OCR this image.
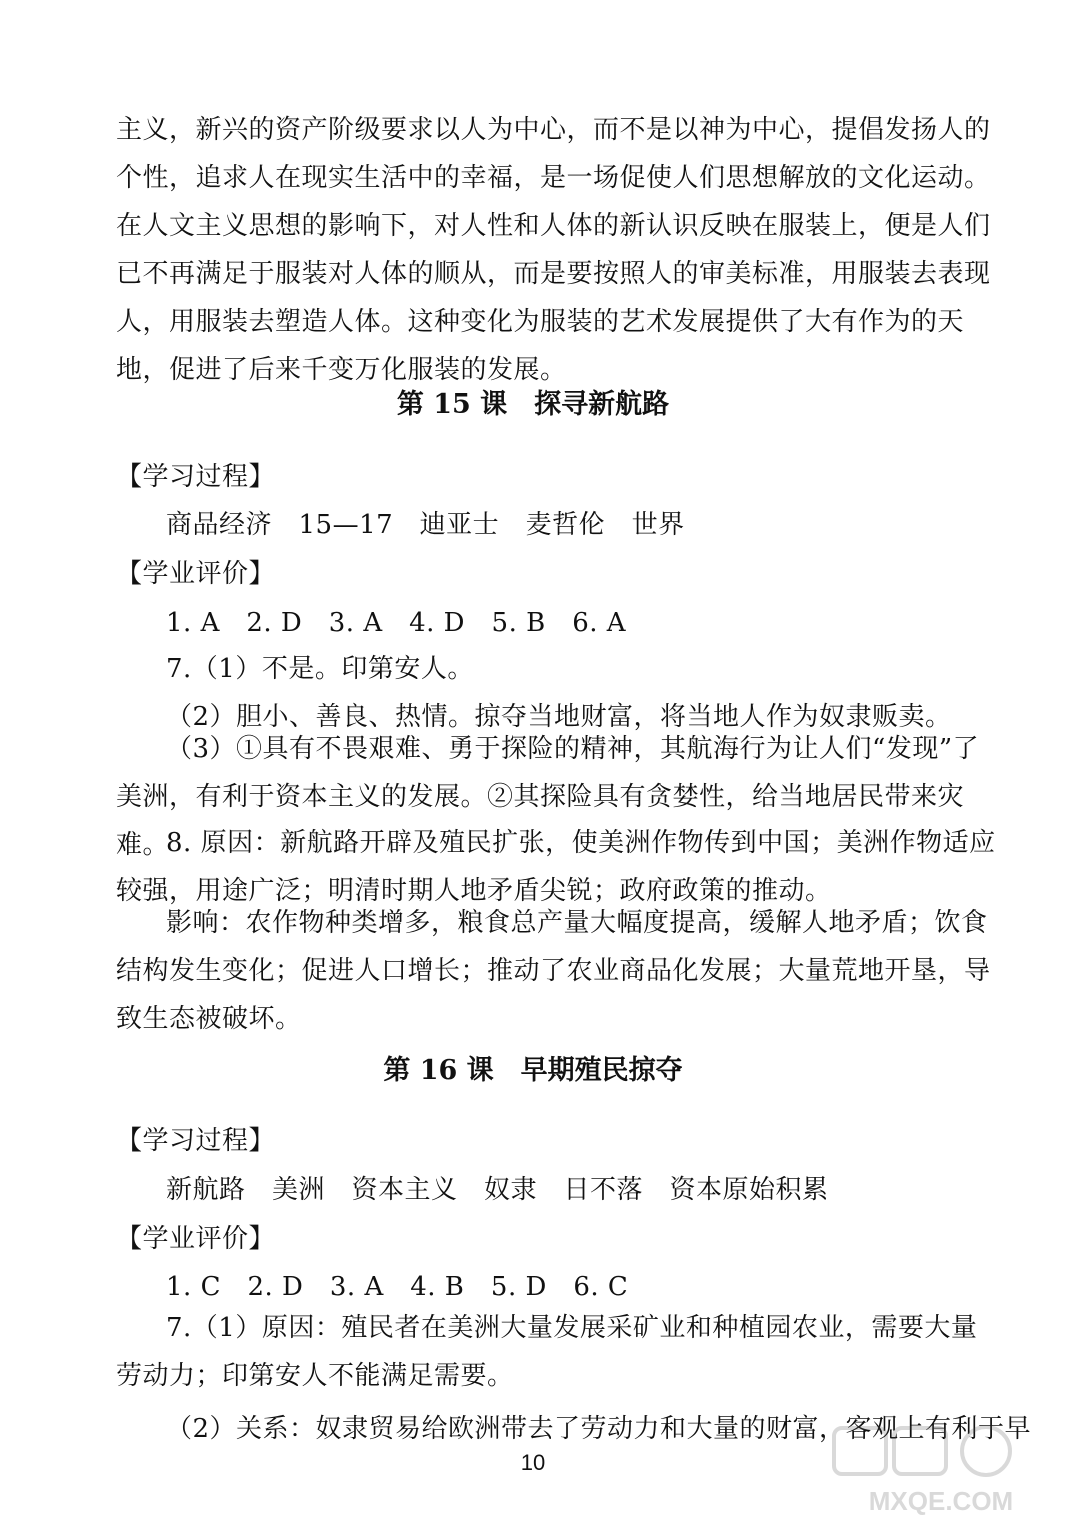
主义，新兴的资产阶级要求以人为中心，而不是以神为中心，提倡发扬人的个性，追求人在现实生活中的幸福，是一场促使人们思想解放的文化运动。在人文主义思想的影响下，对人性和人体的新认识反映在服装上，便是人们已不再满足于服装对人体的顺从，而是要按照人的审美标准，用服装去表现人，用服装去塑造人体。这种变化为服装的艺术发展提供了大有作为的天地，促进了后来千变万化服装的发展。

第 15 课　探寻新航路
【学习过程】
商品经济　15—17　迪亚士　麦哲伦　世界
【学业评价】
1. A　2. D　3. A　4. D　5. B　6. A
7.（1）不是。印第安人。
（2）胆小、善良、热情。掠夺当地财富，将当地人作为奴隶贩卖。

（3）①具有不畏艰难、勇于探险的精神，其航海行为让人们“发现”了美洲，有利于资本主义的发展。②其探险具有贪婪性，给当地居民带来灾难。

8. 原因：新航路开辟及殖民扩张，使美洲作物传到中国；美洲作物适应较强，用途广泛；明清时期人地矛盾尖锐；政府政策的推动。

影响：农作物种类增多，粮食总产量大幅度提高，缓解人地矛盾；饮食结构发生变化；促进人口增长；推动了农业商品化发展；大量荒地开垦，导致生态被破坏。

第 16 课　早期殖民掠夺
【学习过程】
新航路　美洲　资本主义　奴隶　日不落　资本原始积累
【学业评价】
1. C　2. D　3. A　4. B　5. D　6. C

7.（1）原因：殖民者在美洲大量发展采矿业和种植园农业，需要大量劳动力；印第安人不能满足需要。

（2）关系：奴隶贸易给欧洲带去了劳动力和大量的财富，客观上有利于早
10
MXQE.COM
